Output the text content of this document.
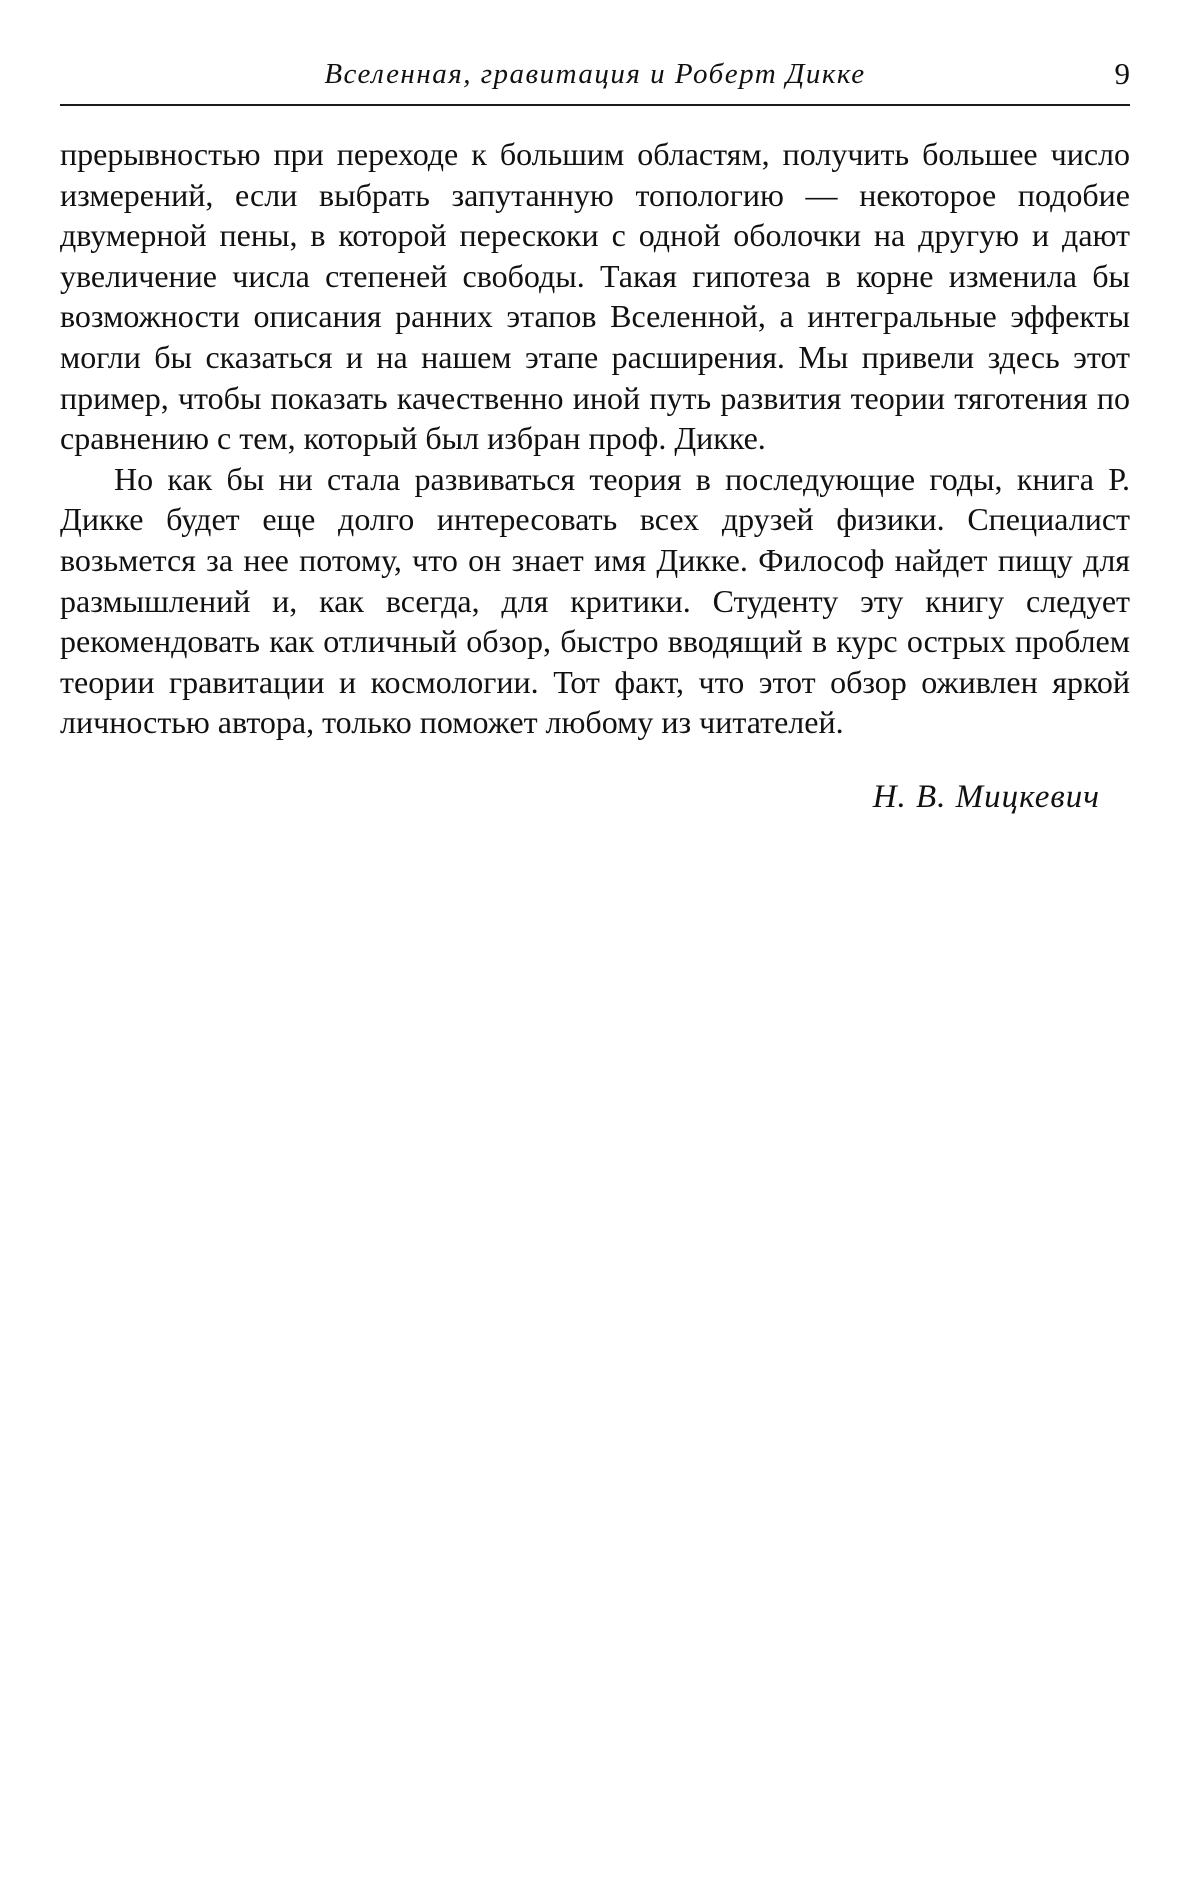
Вселенная, гравитация и Роберт Дикке	9

прерывностью при переходе к большим областям, получить большее число измерений, если выбрать запутанную топологию — некоторое подобие двумерной пены, в которой перескоки с одной оболочки на другую и дают увеличение числа степеней свободы. Такая гипотеза в корне изменила бы возможности описания ранних этапов Вселенной, а интегральные эффекты могли бы сказаться и на нашем этапе расширения. Мы привели здесь этот пример, чтобы показать качественно иной путь развития теории тяготения по сравнению с тем, который был избран проф. Дикке.

Но как бы ни стала развиваться теория в последующие годы, книга Р. Дикке будет еще долго интересовать всех друзей физики. Специалист возьмется за нее потому, что он знает имя Дикке. Философ найдет пищу для размышлений и, как всегда, для критики. Студенту эту книгу следует рекомендовать как отличный обзор, быстро вводящий в курс острых проблем теории гравитации и космологии. Тот факт, что этот обзор оживлен яркой личностью автора, только поможет любому из читателей.

Н. В. Мицкевич
